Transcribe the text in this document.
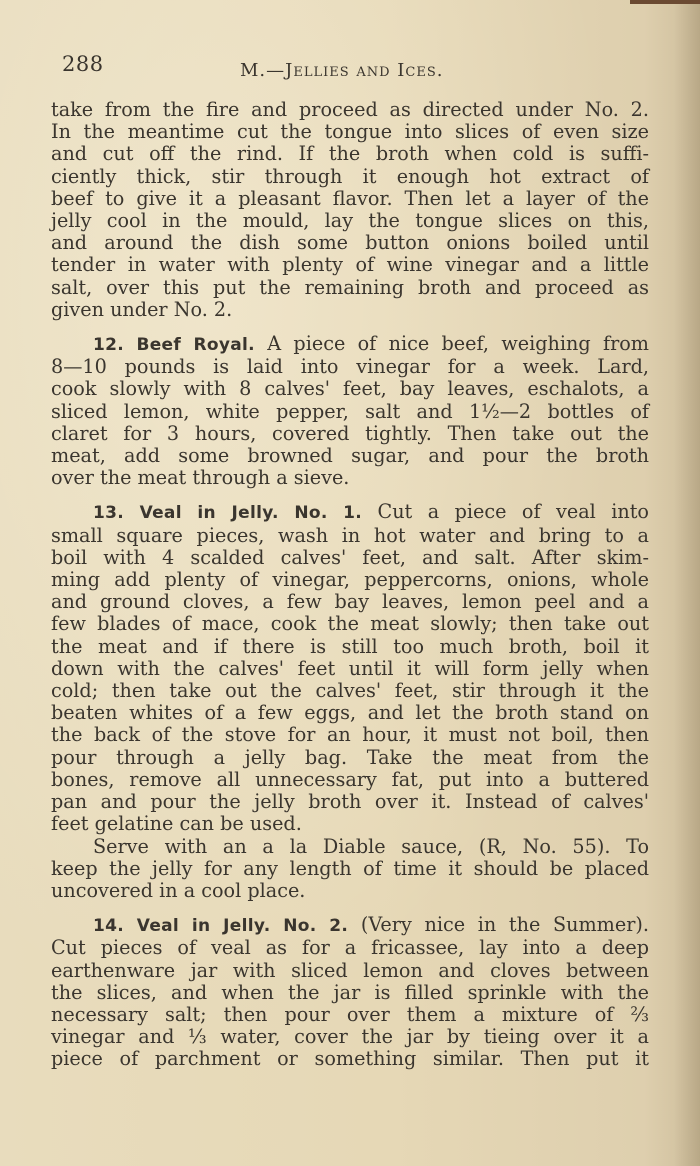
288	M.—Jellies and Ices.
take from the fire and proceed as directed under No. 2.
In the meantime cut the tongue into slices of even size
and cut off the rind. If the broth when cold is suffi-
ciently thick, stir through it enough hot extract of
beef to give it a pleasant flavor. Then let a layer of the
jelly cool in the mould, lay the tongue slices on this,
and around the dish some button onions boiled until
tender in water with plenty of wine vinegar and a little
salt, over this put the remaining broth and proceed as
given under No. 2.
12. Beef Royal. A piece of nice beef, weighing from
8—10 pounds is laid into vinegar for a week. Lard,
cook slowly with 8 calves' feet, bay leaves, eschalots, a
sliced lemon, white pepper, salt and 1½—2 bottles of
claret for 3 hours, covered tightly. Then take out the
meat, add some browned sugar, and pour the broth
over the meat through a sieve.
13. Veal in Jelly. No. 1. Cut a piece of veal into
small square pieces, wash in hot water and bring to a
boil with 4 scalded calves' feet, and salt. After skim-
ming add plenty of vinegar, peppercorns, onions, whole
and ground cloves, a few bay leaves, lemon peel and a
few blades of mace, cook the meat slowly; then take out
the meat and if there is still too much broth, boil it
down with the calves' feet until it will form jelly when
cold; then take out the calves' feet, stir through it the
beaten whites of a few eggs, and let the broth stand on
the back of the stove for an hour, it must not boil, then
pour through a jelly bag. Take the meat from the
bones, remove all unnecessary fat, put into a buttered
pan and pour the jelly broth over it. Instead of calves'
feet gelatine can be used.
Serve with an a la Diable sauce, (R, No. 55). To
keep the jelly for any length of time it should be placed
uncovered in a cool place.
14. Veal in Jelly. No. 2. (Very nice in the Summer).
Cut pieces of veal as for a fricassee, lay into a deep
earthenware jar with sliced lemon and cloves between
the slices, and when the jar is filled sprinkle with the
necessary salt; then pour over them a mixture of ⅔
vinegar and ⅓ water, cover the jar by tieing over it a
piece of parchment or something similar. Then put it
